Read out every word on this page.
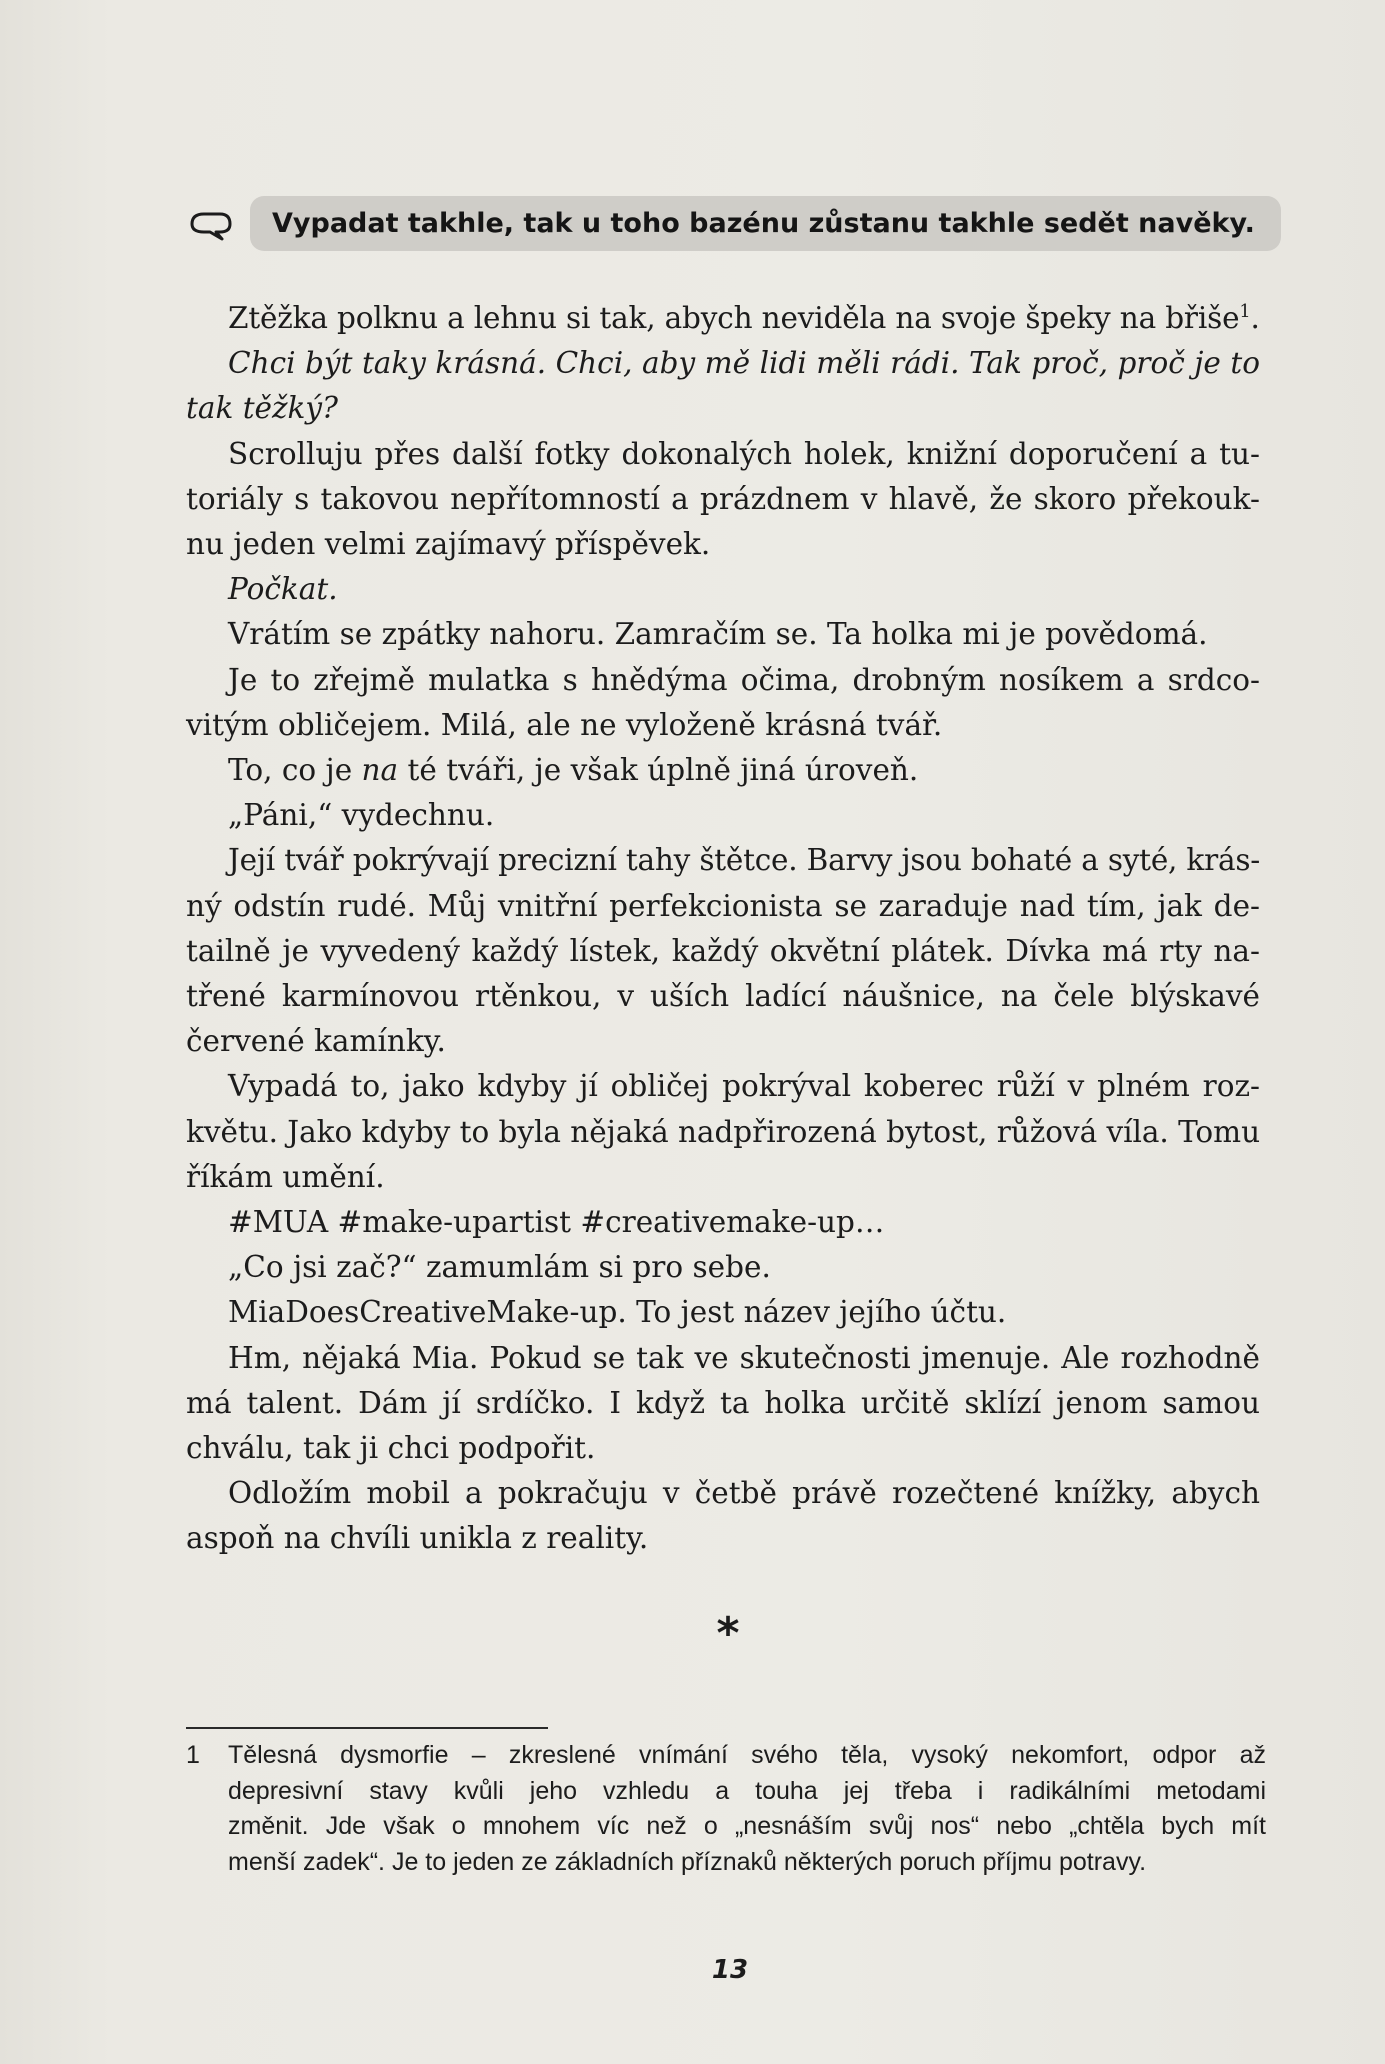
Vypadat takhle, tak u toho bazénu zůstanu takhle sedět navěky.
Ztěžka polknu a lehnu si tak, abych neviděla na svoje špeky na břiše$^1$.
Chci být taky krásná. Chci, aby mě lidi měli rádi. Tak proč, proč je to
tak těžký?
Scrolluju přes další fotky dokonalých holek, knižní doporučení a tu-
toriály s takovou nepřítomností a prázdnem v hlavě, že skoro překouk-
nu jeden velmi zajímavý příspěvek.
Počkat.
Vrátím se zpátky nahoru. Zamračím se. Ta holka mi je povědomá.
Je to zřejmě mulatka s hnědýma očima, drobným nosíkem a srdco-
vitým obličejem. Milá, ale ne vyloženě krásná tvář.
To, co je na té tváři, je však úplně jiná úroveň.
„Páni,“ vydechnu.
Její tvář pokrývají precizní tahy štětce. Barvy jsou bohaté a syté, krás-
ný odstín rudé. Můj vnitřní perfekcionista se zaraduje nad tím, jak de-
tailně je vyvedený každý lístek, každý okvětní plátek. Dívka má rty na-
třené karmínovou rtěnkou, v uších ladící náušnice, na čele blýskavé
červené kamínky.
Vypadá to, jako kdyby jí obličej pokrýval koberec růží v plném roz-
květu. Jako kdyby to byla nějaká nadpřirozená bytost, růžová víla. Tomu
říkám umění.
#MUA #make-upartist #creativemake-up…
„Co jsi zač?“ zamumlám si pro sebe.
MiaDoesCreativeMake-up. To jest název jejího účtu.
Hm, nějaká Mia. Pokud se tak ve skutečnosti jmenuje. Ale rozhodně
má talent. Dám jí srdíčko. I když ta holka určitě sklízí jenom samou
chválu, tak ji chci podpořit.
Odložím mobil a pokračuju v četbě právě rozečtené knížky, abych
aspoň na chvíli unikla z reality.
*
1	Tělesná dysmorfie – zkreslené vnímání svého těla, vysoký nekomfort, odpor až
depresivní stavy kvůli jeho vzhledu a touha jej třeba i radikálními metodami
změnit. Jde však o mnohem víc než o „nesnáším svůj nos“ nebo „chtěla bych mít
menší zadek“. Je to jeden ze základních příznaků některých poruch příjmu potravy.
13
